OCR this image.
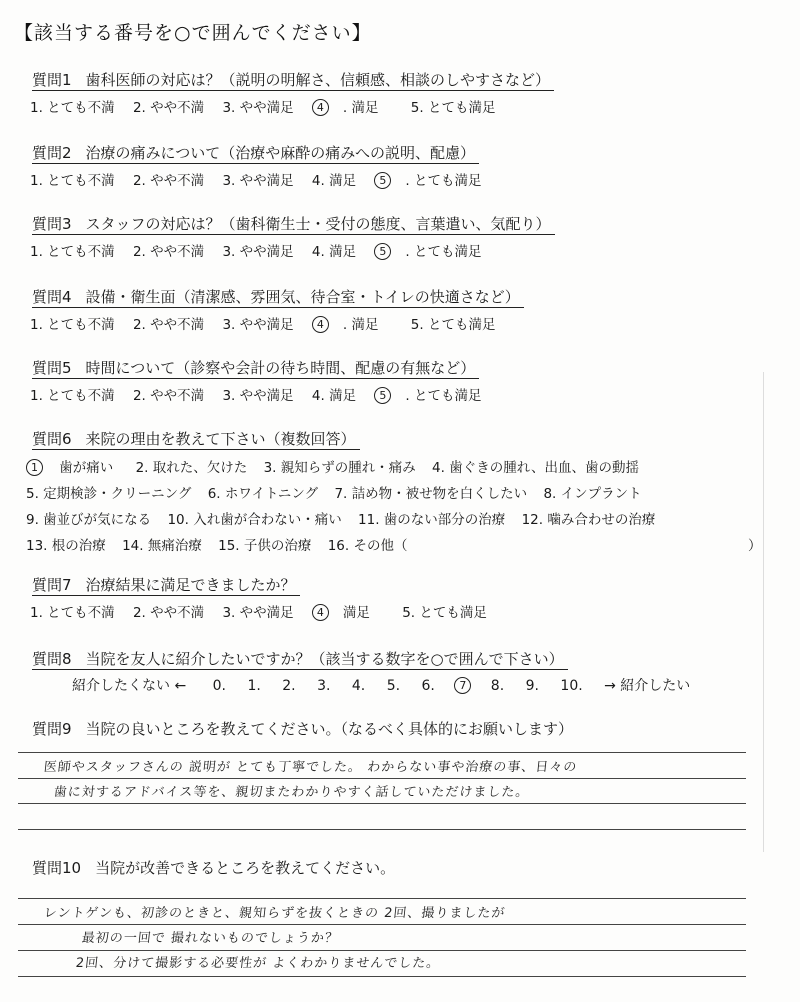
【該当する番号を○で囲んでください】
質問1 歯科医師の対応は？（説明の明解さ、信頼感、相談のしやすさなど）
1. とても不満 2. やや不満 3. やや満足 4 . 満足 5. とても満足
質問2 治療の痛みについて（治療や麻酔の痛みへの説明、配慮）
1. とても不満 2. やや不満 3. やや満足 4. 満足 5 . とても満足
質問3 スタッフの対応は？（歯科衛生士・受付の態度、言葉遣い、気配り）
1. とても不満 2. やや不満 3. やや満足 4. 満足 5 . とても満足
質問4 設備・衛生面（清潔感、雰囲気、待合室・トイレの快適さなど）
1. とても不満 2. やや不満 3. やや満足 4 . 満足 5. とても満足
質問5 時間について（診察や会計の待ち時間、配慮の有無など）
1. とても不満 2. やや不満 3. やや満足 4. 満足 5 . とても満足
質問6 来院の理由を教えて下さい（複数回答）
1 歯が痛い 2. 取れた、欠けた 3. 親知らずの腫れ・痛み 4. 歯ぐきの腫れ、出血、歯の動揺
5. 定期検診・クリーニング 6. ホワイトニング 7. 詰め物・被せ物を白くしたい 8. インプラント
9. 歯並びが気になる 10. 入れ歯が合わない・痛い 11. 歯のない部分の治療 12. 噛み合わせの治療
13. 根の治療 14. 無痛治療 15. 子供の治療 16. その他（	）
質問7 治療結果に満足できましたか？
1. とても不満 2. やや不満 3. やや満足 4満足 5. とても満足
質問8 当院を友人に紹介したいですか？（該当する数字を○で囲んで下さい）
紹介したくない ← 0. 1. 2. 3. 4. 5. 6. 7 8. 9. 10. → 紹介したい
質問9 当院の良いところを教えてください。（なるべく具体的にお願いします）
医師やスタッフさんの 説明が とても丁寧でした。 わからない事や治療の事、日々の
歯に対するアドバイス等を、親切またわかりやすく話していただけました。
質問10 当院が改善できるところを教えてください。
レントゲンも、初診のときと、親知らずを抜くときの 2回、撮りましたが
最初の一回で 撮れないものでしょうか？
2回、分けて撮影する必要性が よくわかりませんでした。
